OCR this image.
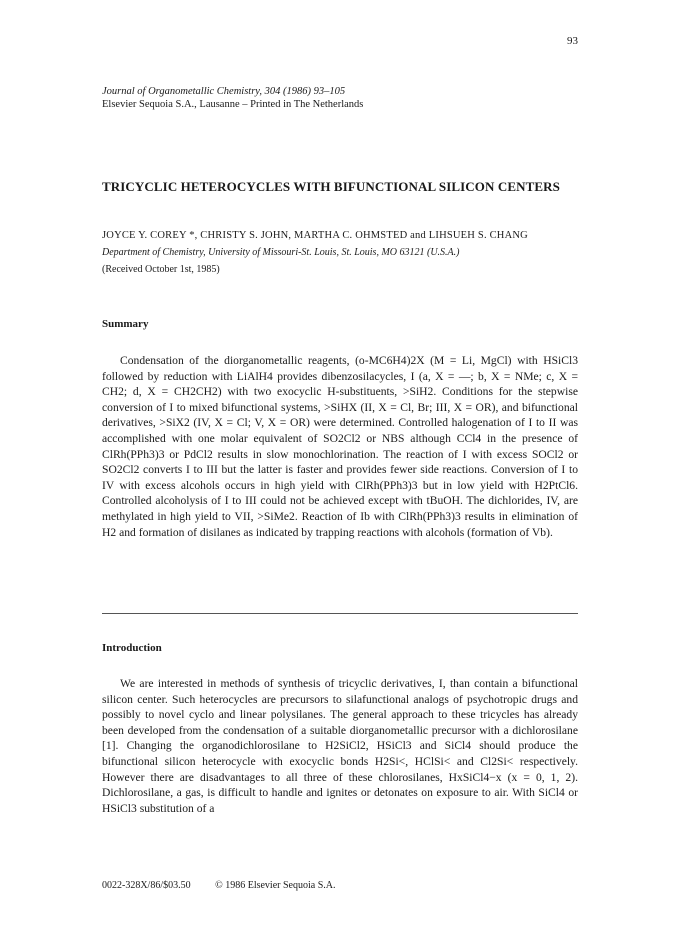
93
Journal of Organometallic Chemistry, 304 (1986) 93–105
Elsevier Sequoia S.A., Lausanne – Printed in The Netherlands
TRICYCLIC HETEROCYCLES WITH BIFUNCTIONAL SILICON CENTERS
JOYCE Y. COREY *, CHRISTY S. JOHN, MARTHA C. OHMSTED and LIHSUEH S. CHANG
Department of Chemistry, University of Missouri-St. Louis, St. Louis, MO 63121 (U.S.A.)
(Received October 1st, 1985)
Summary

Condensation of the diorganometallic reagents, (o-MC6H4)2X (M = Li, MgCl) with HSiCl3 followed by reduction with LiAlH4 provides dibenzosilacycles, I (a, X = —; b, X = NMe; c, X = CH2; d, X = CH2CH2) with two exocyclic H-substituents, >SiH2. Conditions for the stepwise conversion of I to mixed bifunctional systems, >SiHX (II, X = Cl, Br; III, X = OR), and bifunctional derivatives, >SiX2 (IV, X = Cl; V, X = OR) were determined. Controlled halogenation of I to II was accomplished with one molar equivalent of SO2Cl2 or NBS although CCl4 in the presence of ClRh(PPh3)3 or PdCl2 results in slow monochlorination. The reaction of I with excess SOCl2 or SO2Cl2 converts I to III but the latter is faster and provides fewer side reactions. Conversion of I to IV with excess alcohols occurs in high yield with ClRh(PPh3)3 but in low yield with H2PtCl6. Controlled alcoholysis of I to III could not be achieved except with tBuOH. The dichlorides, IV, are methylated in high yield to VII, >SiMe2. Reaction of Ib with ClRh(PPh3)3 results in elimination of H2 and formation of disilanes as indicated by trapping reactions with alcohols (formation of Vb).

Introduction

We are interested in methods of synthesis of tricyclic derivatives, I, than contain a bifunctional silicon center. Such heterocycles are precursors to silafunctional analogs of psychotropic drugs and possibly to novel cyclo and linear polysilanes. The general approach to these tricycles has already been developed from the condensation of a suitable diorganometallic precursor with a dichlorosilane [1]. Changing the organodichlorosilane to H2SiCl2, HSiCl3 and SiCl4 should produce the bifunctional silicon heterocycle with exocyclic bonds H2Si<, HClSi< and Cl2Si< respectively. However there are disadvantages to all three of these chlorosilanes, HxSiCl4−x (x = 0, 1, 2). Dichlorosilane, a gas, is difficult to handle and ignites or detonates on exposure to air. With SiCl4 or HSiCl3 substitution of a

0022-328X/86/$03.50 © 1986 Elsevier Sequoia S.A.
